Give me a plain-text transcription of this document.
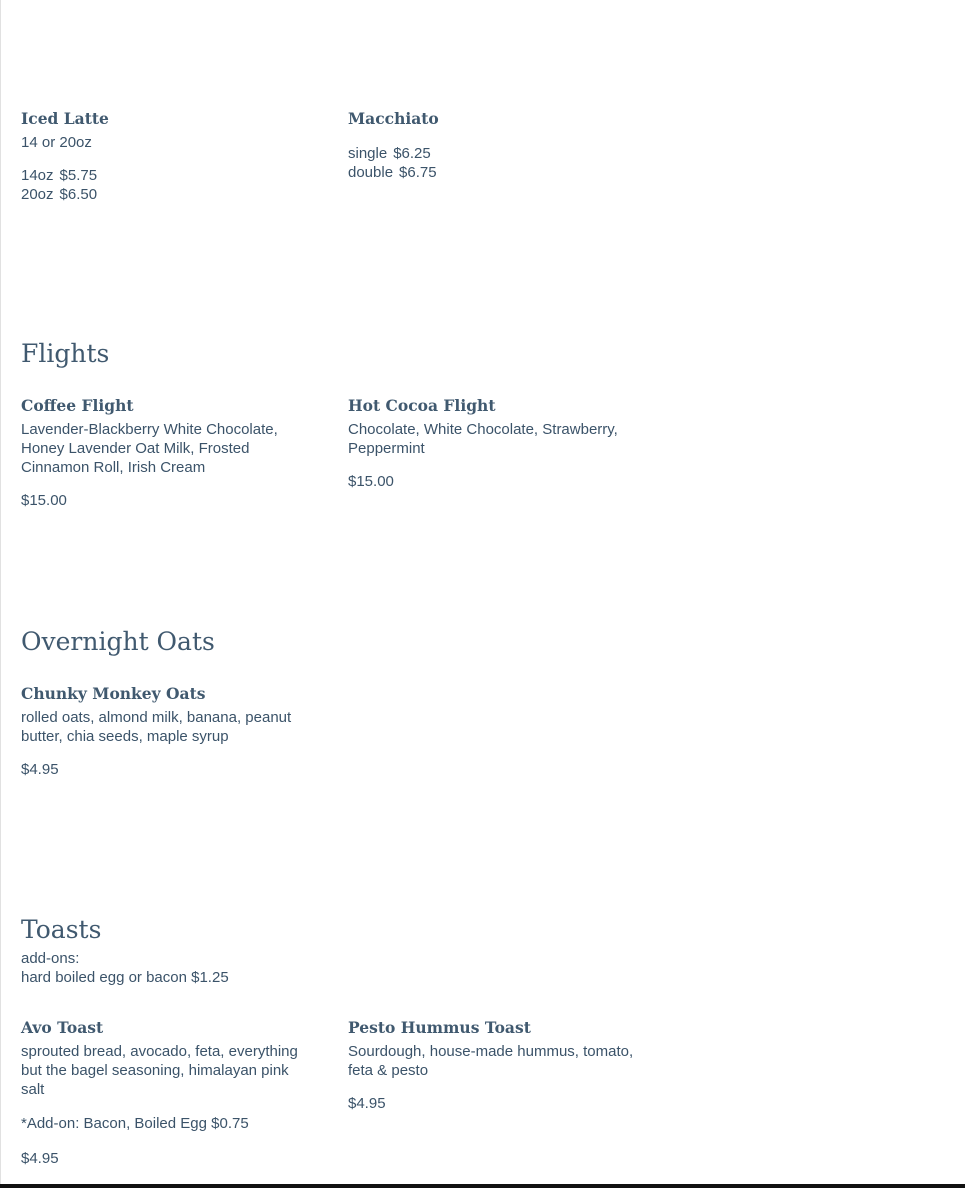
Iced Latte
14 or 20oz
14oz $5.75
20oz $6.50
Macchiato
single $6.25
double $6.75
Flights
Coffee Flight
Lavender-Blackberry White Chocolate, Honey Lavender Oat Milk, Frosted Cinnamon Roll, Irish Cream
$15.00
Hot Cocoa Flight
Chocolate, White Chocolate, Strawberry, Peppermint
$15.00
Overnight Oats
Chunky Monkey Oats
rolled oats, almond milk, banana, peanut butter, chia seeds, maple syrup
$4.95
Toasts
add-ons:
hard boiled egg or bacon $1.25
Avo Toast
sprouted bread, avocado, feta, everything but the bagel seasoning, himalayan pink salt
*Add-on: Bacon, Boiled Egg $0.75
$4.95
Pesto Hummus Toast
Sourdough, house-made hummus, tomato, feta & pesto
$4.95
